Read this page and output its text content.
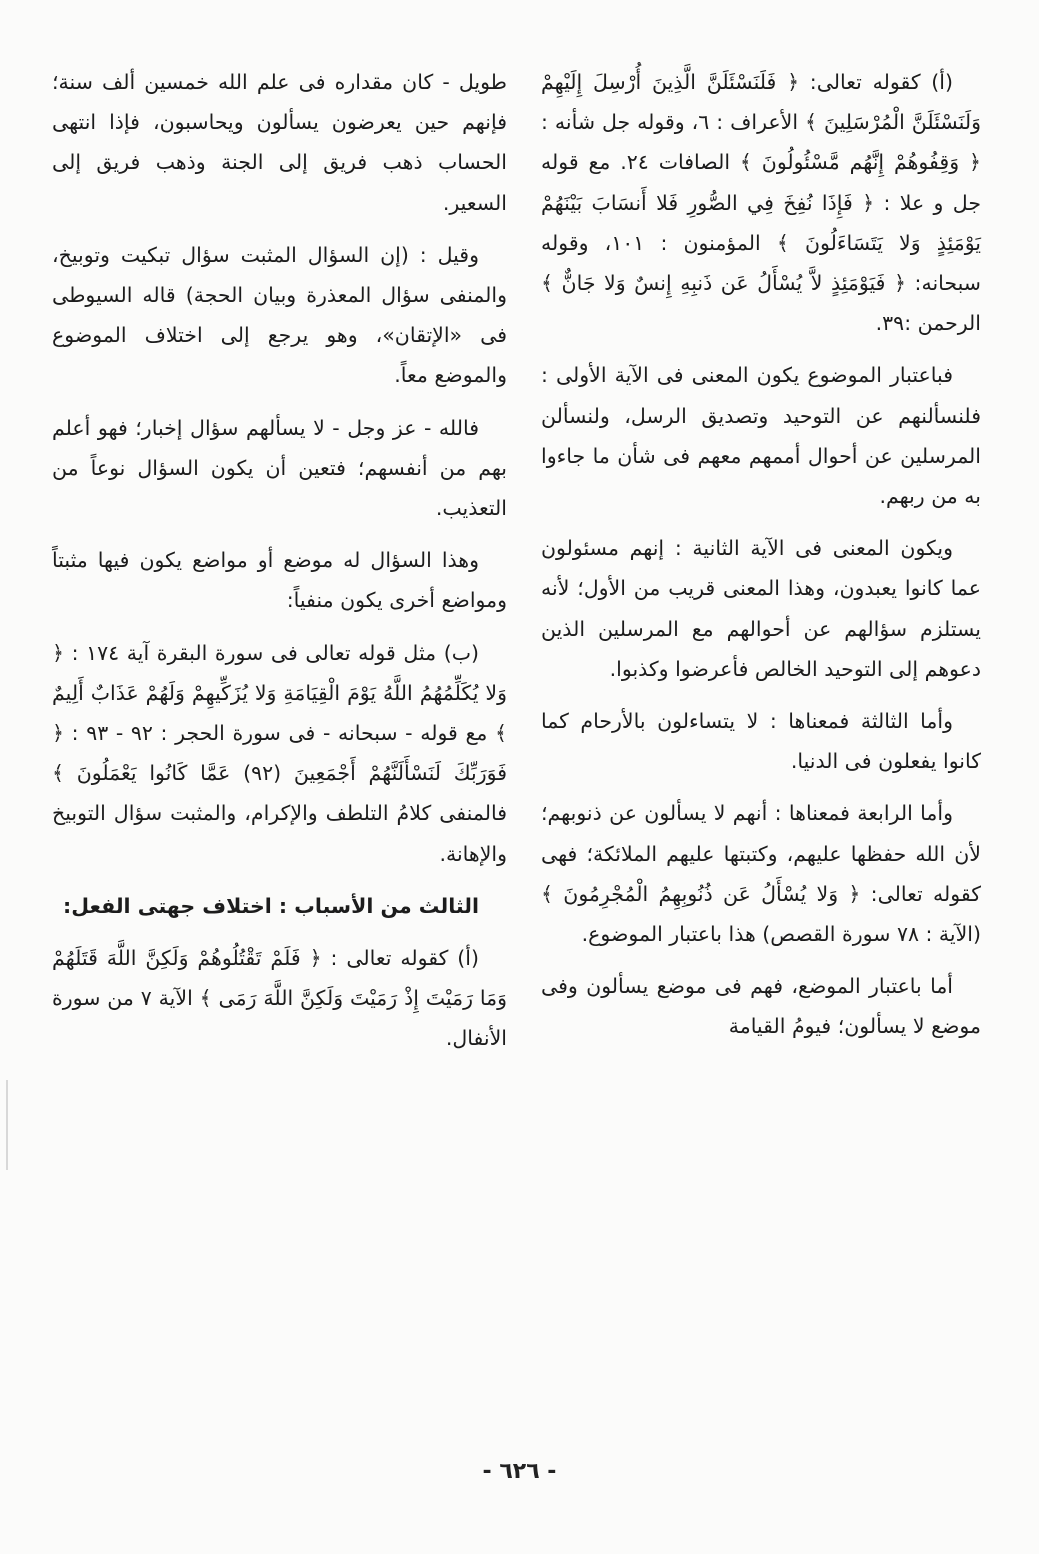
(أ) كقوله تعالى: ﴿ فَلَنَسْئَلَنَّ الَّذِينَ أُرْسِلَ إِلَيْهِمْ وَلَنَسْئَلَنَّ الْمُرْسَلِينَ ﴾ الأعراف : ٦، وقوله جل شأنه : ﴿ وَقِفُوهُمْ إِنَّهُم مَّسْئُولُونَ ﴾ الصافات ٢٤. مع قوله جل و علا : ﴿ فَإِذَا نُفِخَ فِي الصُّورِ فَلا أَنسَابَ بَيْنَهُمْ يَوْمَئِذٍ وَلا يَتَسَاءَلُونَ ﴾ المؤمنون : ١٠١، وقوله سبحانه: ﴿ فَيَوْمَئِذٍ لاَّ يُسْأَلُ عَن ذَنبِهِ إِنسٌ وَلا جَانٌّ ﴾ الرحمن :٣٩.

فباعتبار الموضوع يكون المعنى فى الآية الأولى : فلنسألنهم عن التوحيد وتصديق الرسل، ولنسألن المرسلين عن أحوال أممهم معهم فى شأن ما جاءوا به من ربهم.

ويكون المعنى فى الآية الثانية : إنهم مسئولون عما كانوا يعبدون، وهذا المعنى قريب من الأول؛ لأنه يستلزم سؤالهم عن أحوالهم مع المرسلين الذين دعوهم إلى التوحيد الخالص فأعرضوا وكذبوا.

وأما الثالثة فمعناها : لا يتساءلون بالأرحام كما كانوا يفعلون فى الدنيا.

وأما الرابعة فمعناها : أنهم لا يسألون عن ذنوبهم؛ لأن الله حفظها عليهم، وكتبتها عليهم الملائكة؛ فهى كقوله تعالى: ﴿ وَلا يُسْأَلُ عَن ذُنُوبِهِمُ الْمُجْرِمُونَ ﴾ (الآية : ٧٨ سورة القصص) هذا باعتبار الموضوع.

أما باعتبار الموضع، فهم فى موضع يسألون وفى موضع لا يسألون؛ فيومُ القيامة

طويل - كان مقداره فى علم الله خمسين ألف سنة؛ فإنهم حين يعرضون يسألون ويحاسبون، فإذا انتهى الحساب ذهب فريق إلى الجنة وذهب فريق إلى السعير.

وقيل : (إن السؤال المثبت سؤال تبكيت وتوبيخ، والمنفى سؤال المعذرة وبيان الحجة) قاله السيوطى فى «الإتقان»، وهو يرجع إلى اختلاف الموضوع والموضع معاً.

فالله - عز وجل - لا يسألهم سؤال إخبار؛ فهو أعلم بهم من أنفسهم؛ فتعين أن يكون السؤال نوعاً من التعذيب.

وهذا السؤال له موضع أو مواضع يكون فيها مثبتاً ومواضع أخرى يكون منفياً:

(ب) مثل قوله تعالى فى سورة البقرة آية ١٧٤ : ﴿ وَلا يُكَلِّمُهُمُ اللَّهُ يَوْمَ الْقِيَامَةِ وَلا يُزَكِّيهِمْ وَلَهُمْ عَذَابٌ أَلِيمٌ ﴾ مع قوله - سبحانه - فى سورة الحجر : ٩٢ - ٩٣ : ﴿ فَوَرَبِّكَ لَنَسْأَلَنَّهُمْ أَجْمَعِينَ (٩٢) عَمَّا كَانُوا يَعْمَلُونَ ﴾ فالمنفى كلامُ التلطف والإكرام، والمثبت سؤال التوبيخ والإهانة.

الثالث من الأسباب : اختلاف جهتى الفعل:

(أ) كقوله تعالى : ﴿ فَلَمْ تَقْتُلُوهُمْ وَلَكِنَّ اللَّهَ قَتَلَهُمْ وَمَا رَمَيْتَ إِذْ رَمَيْتَ وَلَكِنَّ اللَّهَ رَمَى ﴾ الآية ٧ من سورة الأنفال.

- ٦٢٦ -
